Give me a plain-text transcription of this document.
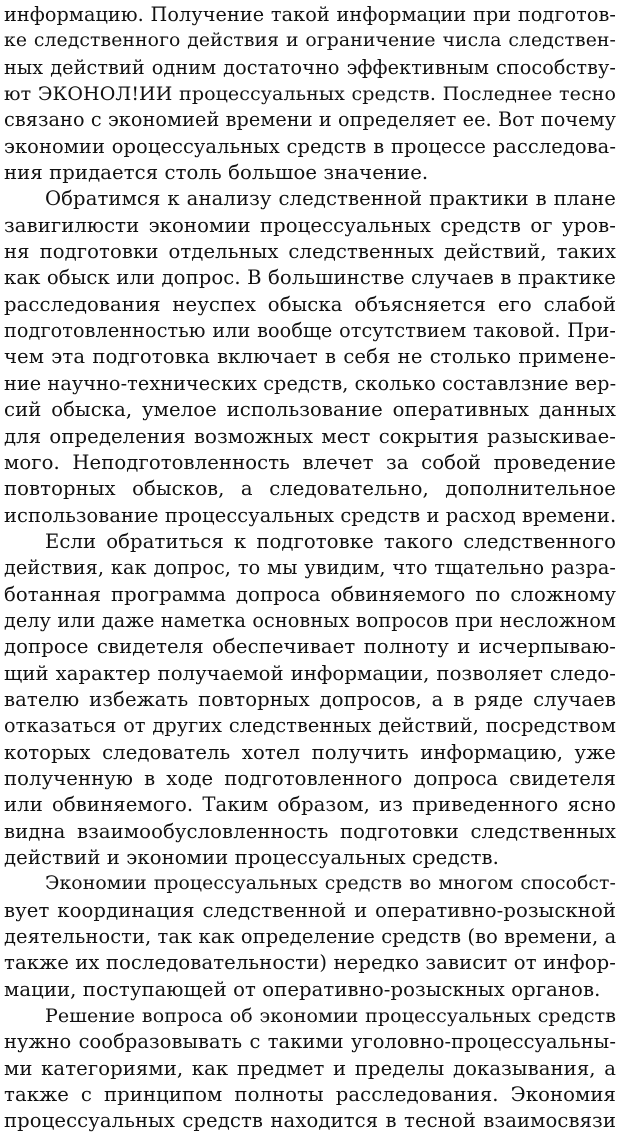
информацию. Получение такой информации при подготов-
ке следственного действия и ограничение числа следствен-
ных действий одним достаточно эффективным способству-
ют ЭКОНОЛ!ИИ процессуальных средств. Последнее тесно
связано с экономией времени и определяет ее. Вот почему
экономии ороцессуальных средств в процессе расследова-
ния придается столь большое значение.
Обратимся к анализу следственной практики в плане
завигилюсти экономии процессуальных средств ог уров-
ня подготовки отдельных следственных действий, таких
как обыск или допрос. В большинстве случаев в практике
расследования неуспех обыска объясняется его слабой
подготовленностью или вообще отсутствием таковой. При-
чем эта подготовка включает в себя не столько примене-
ние научно-технических средств, сколько составлзние вер-
сий обыска, умелое использование оперативных данных
для определения возможных мест сокрытия разыскивае-
мого. Неподготовленность влечет за собой проведение
повторных обысков, а следовательно, дополнительное
использование процессуальных средств и расход времени.
Если обратиться к подготовке такого следственного
действия, как допрос, то мы увидим, что тщательно разра-
ботанная программа допроса обвиняемого по сложному
делу или даже наметка основных вопросов при несложном
допросе свидетеля обеспечивает полноту и исчерпываю-
щий характер получаемой информации, позволяет следо-
вателю избежать повторных допросов, а в ряде случаев
отказаться от других следственных действий, посредством
которых следователь хотел получить информацию, уже
полученную в ходе подготовленного допроса свидетеля
или обвиняемого. Таким образом, из приведенного ясно
видна взаимообусловленность подготовки следственных
действий и экономии процессуальных средств.
Экономии процессуальных средств во многом способст-
вует координация следственной и оперативно-розыскной
деятельности, так как определение средств (во времени, а
также их последовательности) нередко зависит от инфор-
мации, поступающей от оперативно-розыскных органов.
Решение вопроса об экономии процессуальных средств
нужно сообразовывать с такими уголовно-процессуальны-
ми категориями, как предмет и пределы доказывания, а
также с принципом полноты расследования. Экономия
процессуальных средств находится в тесной взаимосвязи
